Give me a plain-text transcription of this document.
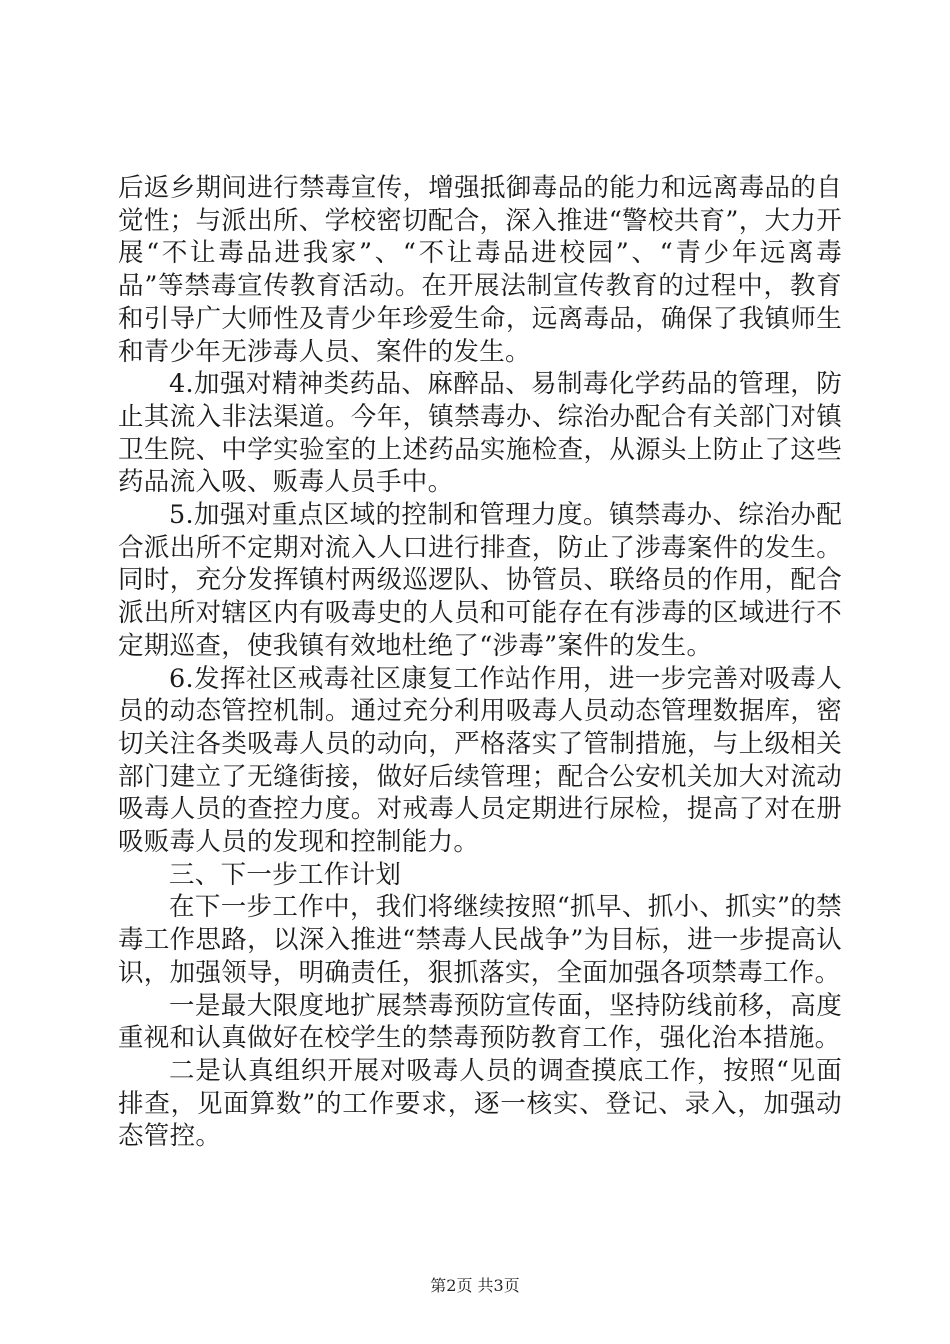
后返乡期间进行禁毒宣传，增强抵御毒品的能力和远离毒品的自觉性；与派出所、学校密切配合，深入推进“警校共育”，大力开展“不让毒品进我家”、“不让毒品进校园”、“青少年远离毒品”等禁毒宣传教育活动。在开展法制宣传教育的过程中，教育和引导广大师性及青少年珍爱生命，远离毒品，确保了我镇师生和青少年无涉毒人员、案件的发生。

4.加强对精神类药品、麻醉品、易制毒化学药品的管理，防止其流入非法渠道。今年，镇禁毒办、综治办配合有关部门对镇卫生院、中学实验室的上述药品实施检查，从源头上防止了这些药品流入吸、贩毒人员手中。

5.加强对重点区域的控制和管理力度。镇禁毒办、综治办配合派出所不定期对流入人口进行排查，防止了涉毒案件的发生。同时，充分发挥镇村两级巡逻队、协管员、联络员的作用，配合派出所对辖区内有吸毒史的人员和可能存在有涉毒的区域进行不定期巡查，使我镇有效地杜绝了“涉毒”案件的发生。

6.发挥社区戒毒社区康复工作站作用，进一步完善对吸毒人员的动态管控机制。通过充分利用吸毒人员动态管理数据库，密切关注各类吸毒人员的动向，严格落实了管制措施，与上级相关部门建立了无缝街接，做好后续管理；配合公安机关加大对流动吸毒人员的查控力度。对戒毒人员定期进行尿检，提高了对在册吸贩毒人员的发现和控制能力。

三、下一步工作计划

在下一步工作中，我们将继续按照“抓早、抓小、抓实”的禁毒工作思路，以深入推进“禁毒人民战争”为目标，进一步提高认识，加强领导，明确责任，狠抓落实，全面加强各项禁毒工作。

一是最大限度地扩展禁毒预防宣传面，坚持防线前移，高度重视和认真做好在校学生的禁毒预防教育工作，强化治本措施。

二是认真组织开展对吸毒人员的调查摸底工作，按照“见面排查，见面算数”的工作要求，逐一核实、登记、录入，加强动态管控。

第2页 共3页
